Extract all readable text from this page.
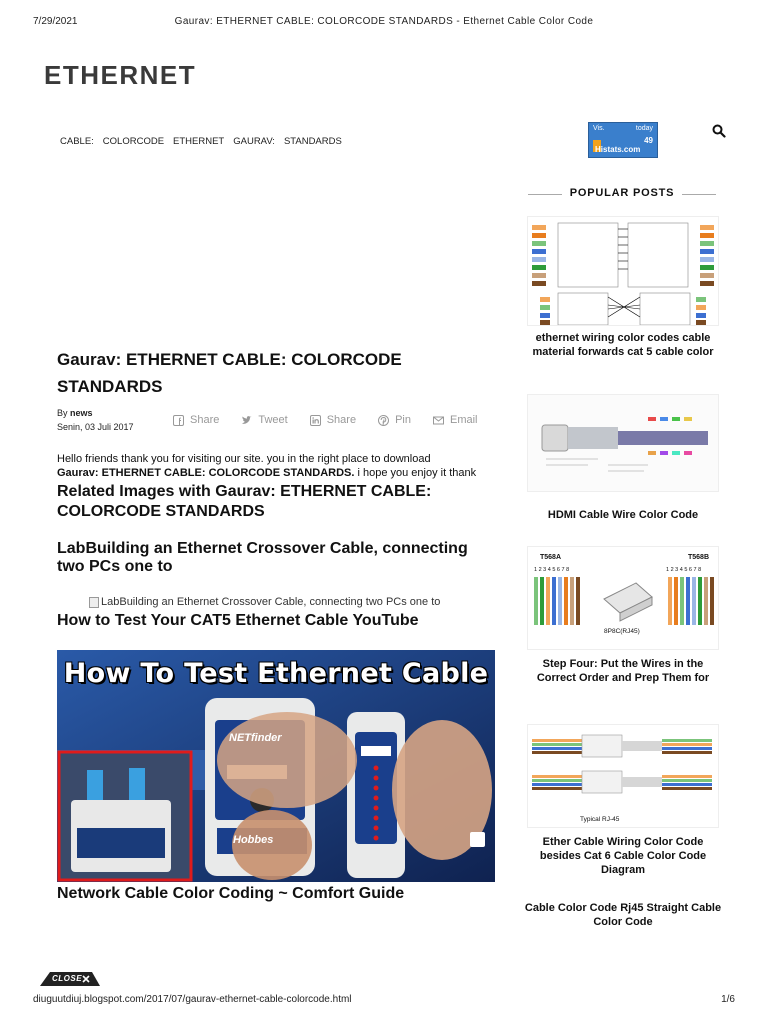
7/29/2021	Gaurav: ETHERNET CABLE: COLORCODE STANDARDS - Ethernet Cable Color Code
ETHERNET
CABLE: COLORCODE ETHERNET GAURAV: STANDARDS
Vis.	today
49
Histats.com
Gaurav: ETHERNET CABLE: COLORCODE STANDARDS
By news
Senin, 03 Juli 2017
Share	Tweet	Share	Pin	Email

Hello friends thank you for visiting our site. you in the right place to download
Gaurav: ETHERNET CABLE: COLORCODE STANDARDS. i hope you enjoy it thank

Related Images with Gaurav: ETHERNET CABLE: COLORCODE STANDARDS
LabBuilding an Ethernet Crossover Cable, connecting two PCs one to
LabBuilding an Ethernet Crossover Cable, connecting two PCs one to
How to Test Your CAT5 Ethernet Cable YouTube
How To Test Ethernet Cable
NETfinder
Hobbes
Network Cable Color Coding ~ Comfort Guide
CLOSE
diuguutdiuj.blogspot.com/2017/07/gaurav-ethernet-cable-colorcode.html	1/6
POPULAR POSTS
ethernet wiring color codes cable material forwards cat 5 cable color
HDMI Cable Wire Color Code
T568A	T568B
1 2 3 4 5 6 7 8	1 2 3 4 5 6 7 8
8P8C(RJ45)
Step Four: Put the Wires in the Correct Order and Prep Them for
Typical RJ-45
Ether Cable Wiring Color Code besides Cat 6 Cable Color Code Diagram
Cable Color Code Rj45 Straight Cable Color Code
